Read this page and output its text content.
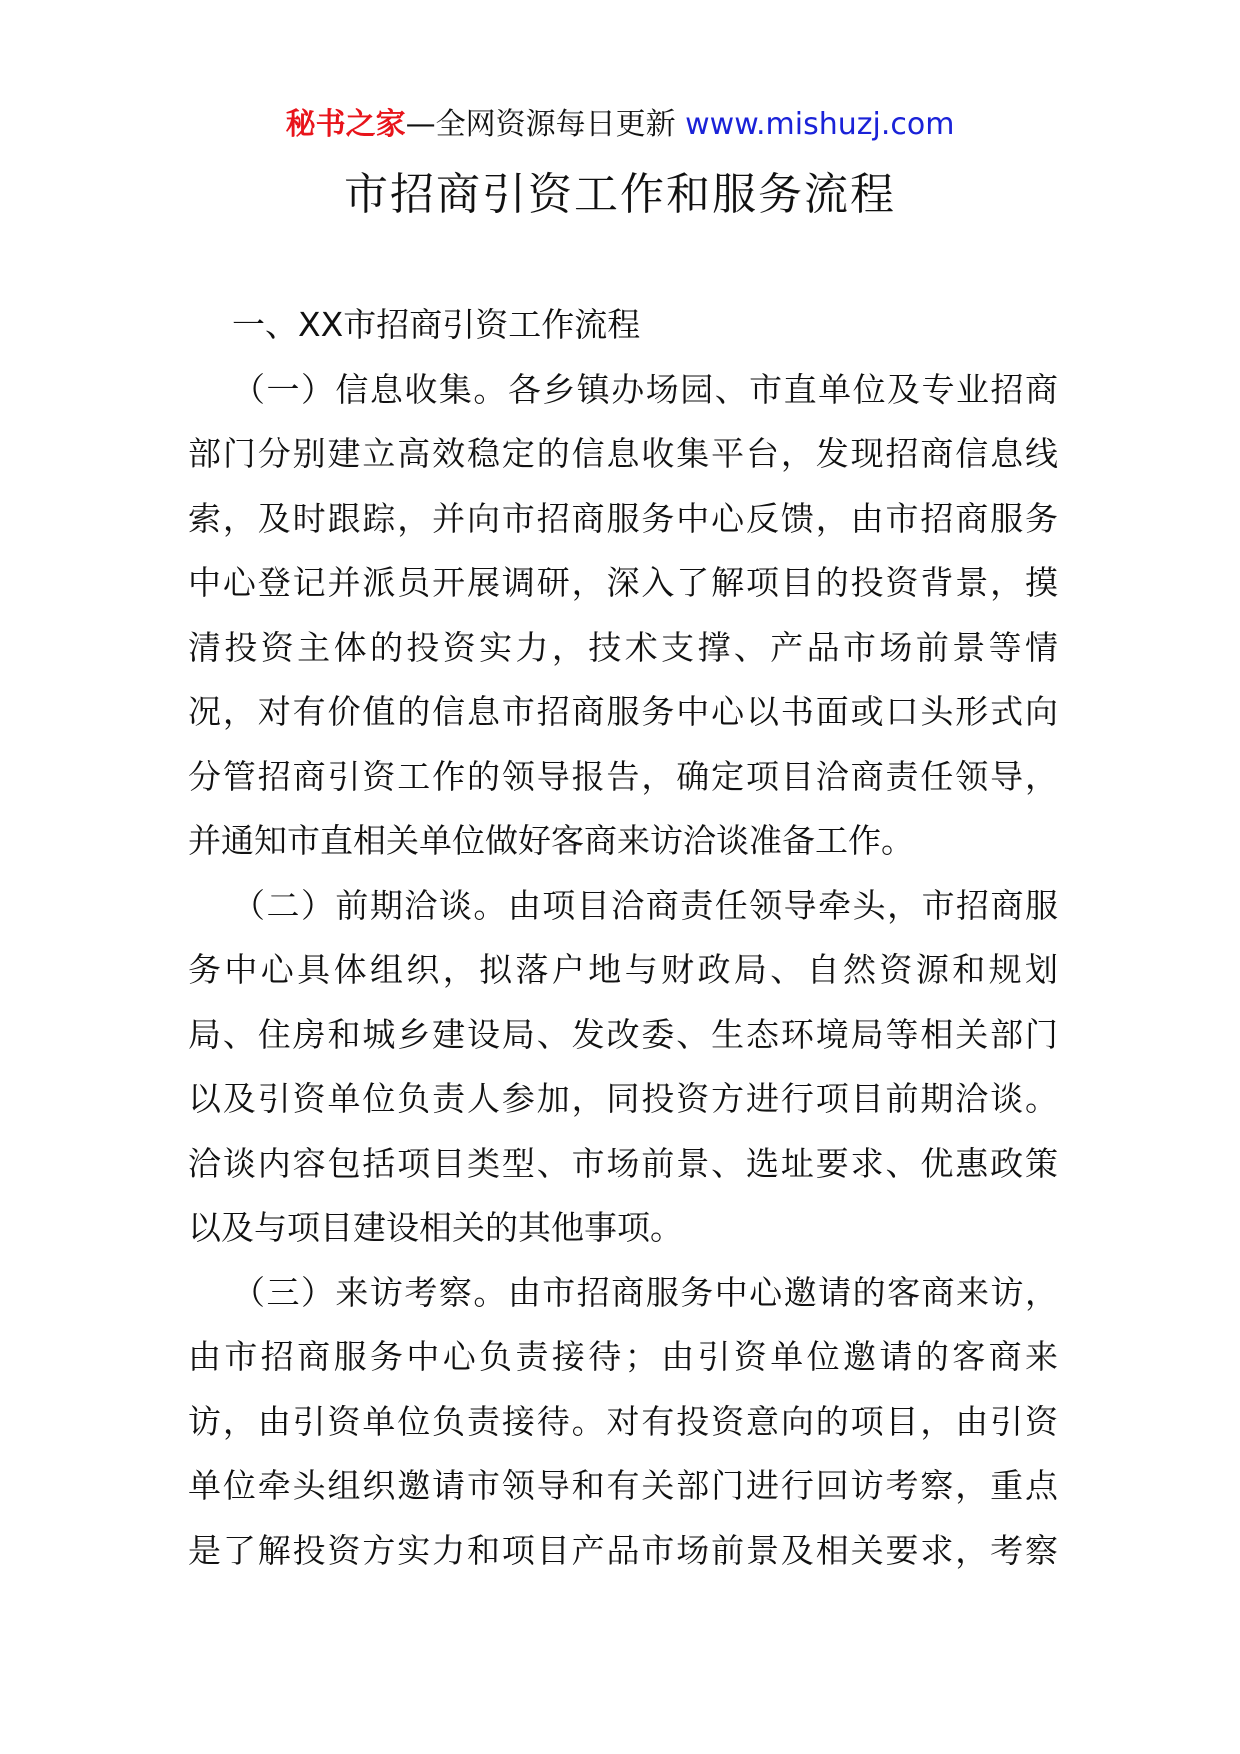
秘书之家—全网资源每日更新 www.mishuzj.com
市招商引资工作和服务流程
一、XX市招商引资工作流程
（一）信息收集。各乡镇办场园、市直单位及专业招商
部门分别建立高效稳定的信息收集平台，发现招商信息线
索，及时跟踪，并向市招商服务中心反馈，由市招商服务
中心登记并派员开展调研，深入了解项目的投资背景，摸
清投资主体的投资实力，技术支撑、产品市场前景等情
况，对有价值的信息市招商服务中心以书面或口头形式向
分管招商引资工作的领导报告，确定项目洽商责任领导，
并通知市直相关单位做好客商来访洽谈准备工作。
（二）前期洽谈。由项目洽商责任领导牵头，市招商服
务中心具体组织，拟落户地与财政局、自然资源和规划
局、住房和城乡建设局、发改委、生态环境局等相关部门
以及引资单位负责人参加，同投资方进行项目前期洽谈。
洽谈内容包括项目类型、市场前景、选址要求、优惠政策
以及与项目建设相关的其他事项。
（三）来访考察。由市招商服务中心邀请的客商来访，
由市招商服务中心负责接待；由引资单位邀请的客商来
访，由引资单位负责接待。对有投资意向的项目，由引资
单位牵头组织邀请市领导和有关部门进行回访考察，重点
是了解投资方实力和项目产品市场前景及相关要求，考察
